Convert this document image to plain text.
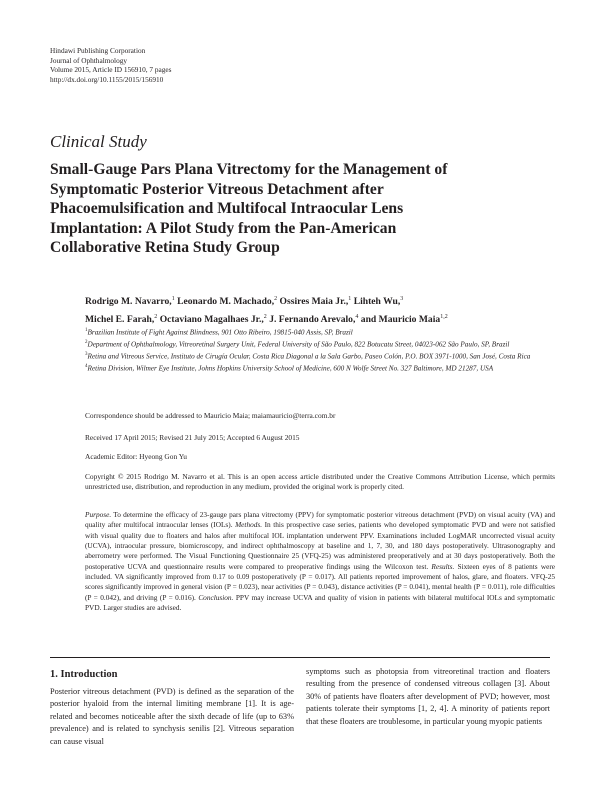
Hindawi Publishing Corporation
Journal of Ophthalmology
Volume 2015, Article ID 156910, 7 pages
http://dx.doi.org/10.1155/2015/156910
Clinical Study
Small-Gauge Pars Plana Vitrectomy for the Management of
Symptomatic Posterior Vitreous Detachment after
Phacoemulsification and Multifocal Intraocular Lens
Implantation: A Pilot Study from the Pan-American
Collaborative Retina Study Group
Rodrigo M. Navarro,$^1$ Leonardo M. Machado,$^2$ Ossires Maia Jr.,$^1$ Lihteh Wu,$^3$
Michel E. Farah,$^2$ Octaviano Magalhaes Jr.,$^2$ J. Fernando Arevalo,$^4$ and Mauricio Maia$^{1,2}$
$^1$Brazilian Institute of Fight Against Blindness, 901 Otto Ribeiro, 19815-040 Assis, SP, Brazil
$^2$Department of Ophthalmology, Vitreoretinal Surgery Unit, Federal University of São Paulo, 822 Botucatu Street, 04023-062 São Paulo, SP, Brazil
$^3$Retina and Vitreous Service, Instituto de Cirugía Ocular, Costa Rica Diagonal a la Sala Garbo, Paseo Colón, P.O. BOX 3971-1000, San José, Costa Rica
$^4$Retina Division, Wilmer Eye Institute, Johns Hopkins University School of Medicine, 600 N Wolfe Street No. 327 Baltimore, MD 21287, USA
Correspondence should be addressed to Mauricio Maia; maiamauricio@terra.com.br
Received 17 April 2015; Revised 21 July 2015; Accepted 6 August 2015
Academic Editor: Hyeong Gon Yu
Copyright © 2015 Rodrigo M. Navarro et al. This is an open access article distributed under the Creative Commons Attribution License, which permits unrestricted use, distribution, and reproduction in any medium, provided the original work is properly cited.
Purpose. To determine the efficacy of 23-gauge pars plana vitrectomy (PPV) for symptomatic posterior vitreous detachment (PVD) on visual acuity (VA) and quality after multifocal intraocular lenses (IOLs). Methods. In this prospective case series, patients who developed symptomatic PVD and were not satisfied with visual quality due to floaters and halos after multifocal IOL implantation underwent PPV. Examinations included LogMAR uncorrected visual acuity (UCVA), intraocular pressure, biomicroscopy, and indirect ophthalmoscopy at baseline and 1, 7, 30, and 180 days postoperatively. Ultrasonography and aberrometry were performed. The Visual Functioning Questionnaire 25 (VFQ-25) was administered preoperatively and at 30 days postoperatively. Both the postoperative UCVA and questionnaire results were compared to preoperative findings using the Wilcoxon test. Results. Sixteen eyes of 8 patients were included. VA significantly improved from 0.17 to 0.09 postoperatively (P = 0.017). All patients reported improvement of halos, glare, and floaters. VFQ-25 scores significantly improved in general vision (P = 0.023), near activities (P = 0.043), distance activities (P = 0.041), mental health (P = 0.011), role difficulties (P = 0.042), and driving (P = 0.016). Conclusion. PPV may increase UCVA and quality of vision in patients with bilateral multifocal IOLs and symptomatic PVD. Larger studies are advised.
1. Introduction
Posterior vitreous detachment (PVD) is defined as the separation of the posterior hyaloid from the internal limiting membrane [1]. It is age-related and becomes noticeable after the sixth decade of life (up to 63% prevalence) and is related to synchysis senilis [2]. Vitreous separation can cause visual
symptoms such as photopsia from vitreoretinal traction and floaters resulting from the presence of condensed vitreous collagen [3]. About 30% of patients have floaters after development of PVD; however, most patients tolerate their symptoms [1, 2, 4]. A minority of patients report that these floaters are troublesome, in particular young myopic patients
